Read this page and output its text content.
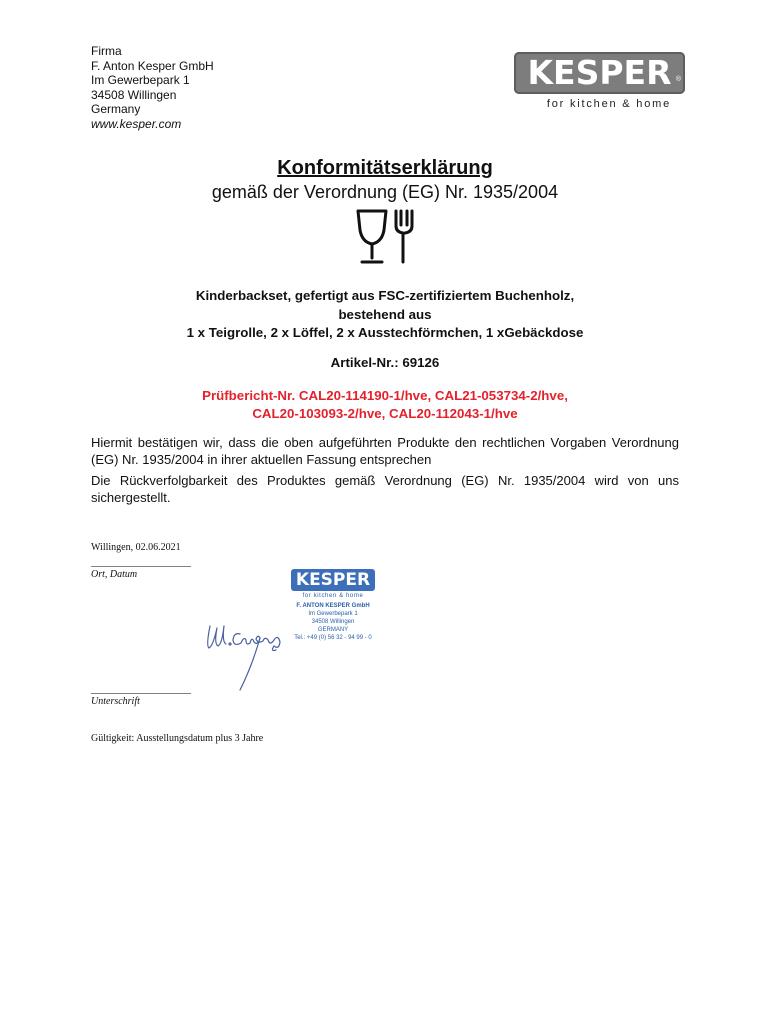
Firma
F. Anton Kesper GmbH
Im Gewerbepark 1
34508 Willingen
Germany
www.kesper.com
KESPER ®
for kitchen & home
Konformitätserklärung
gemäß der Verordnung (EG) Nr. 1935/2004
Kinderbackset, gefertigt aus FSC-zertifiziertem Buchenholz,
bestehend aus
1 x Teigrolle, 2 x Löffel, 2 x Ausstechförmchen, 1 xGebäckdose
Artikel-Nr.: 69126
Prüfbericht-Nr. CAL20-114190-1/hve, CAL21-053734-2/hve,
CAL20-103093-2/hve, CAL20-112043-1/hve
Hiermit bestätigen wir, dass die oben aufgeführten Produkte den rechtlichen Vorgaben Verordnung (EG) Nr. 1935/2004 in ihrer aktuellen Fassung entsprechen
Die Rückverfolgbarkeit des Produktes gemäß Verordnung (EG) Nr. 1935/2004 wird von uns sichergestellt.
Willingen, 02.06.2021
____________________
Ort, Datum	KESPER
for kitchen & home
F. ANTON KESPER GmbH
Im Gewerbepark 1
34508 Willingen
GERMANY
Tel.: +49 (0) 56 32 - 94 99 - 0
____________________
Unterschrift
Gültigkeit: Ausstellungsdatum plus 3 Jahre
